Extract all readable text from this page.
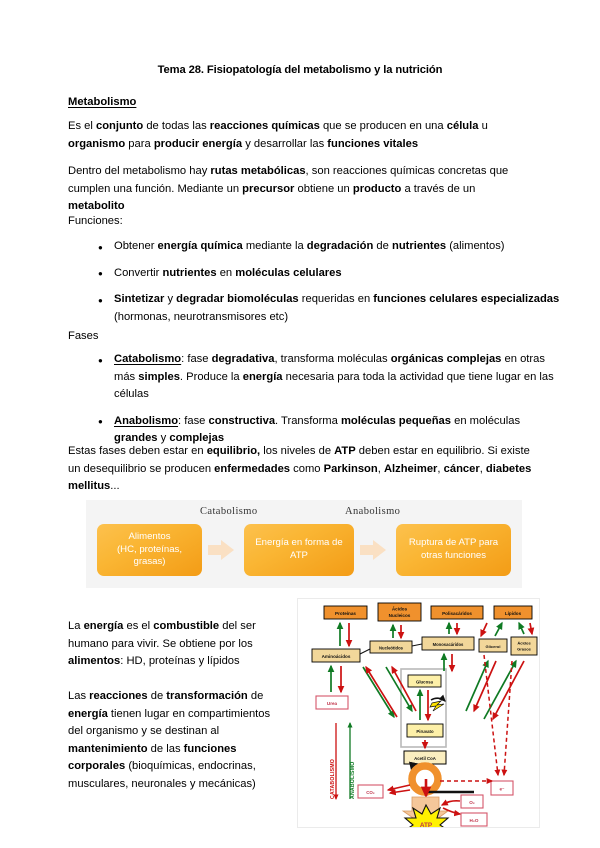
Tema 28. Fisiopatología del metabolismo y la nutrición
Metabolismo
Es el conjunto de todas las reacciones químicas que se producen en una célula u organismo para producir energía y desarrollar las funciones vitales
Dentro del metabolismo hay rutas metabólicas, son reacciones químicas concretas que cumplen una función. Mediante un precursor obtiene un producto a través de un metabolito
Funciones:
● Obtener energía química mediante la degradación de nutrientes (alimentos)
● Convertir nutrientes en moléculas celulares
● Sintetizar y degradar biomoléculas requeridas en funciones celulares especializadas (hormonas, neurotransmisores etc)
Fases
● Catabolismo: fase degradativa, transforma moléculas orgánicas complejas en otras más simples. Produce la energía necesaria para toda la actividad que tiene lugar en las células
● Anabolismo: fase constructiva. Transforma moléculas pequeñas en moléculas grandes y complejas
Estas fases deben estar en equilibrio, los niveles de ATP deben estar en equilibrio. Si existe un desequilibrio se producen enfermedades como Parkinson, Alzheimer, cáncer, diabetes mellitus...
Catabolismo	Anabolismo
Alimentos
(HC, proteínas,
grasas)
Energía en forma de
ATP
Ruptura de ATP para
otras funciones
La energía es el combustible del ser humano para vivir. Se obtiene por los alimentos: HD, proteínas y lípidos
Las reacciones de transformación de energía tienen lugar en compartimientos del organismo y se destinan al mantenimiento de las funciones corporales (bioquímicas, endocrinas, musculares, neuronales y mecánicas)
Proteínas
Ácidos
Nucleicos	Polisacáridos	Lípidos
Aminoácidos
Nucleótidos
Monosacáridos	Glicerol
Ácidos
Grasos
Urea
Glucosa
Piruvato
Acetil CoA
CO₂
e⁻
O₂
H₂O
ATP
CATABOLISMO	ANABOLISMO
